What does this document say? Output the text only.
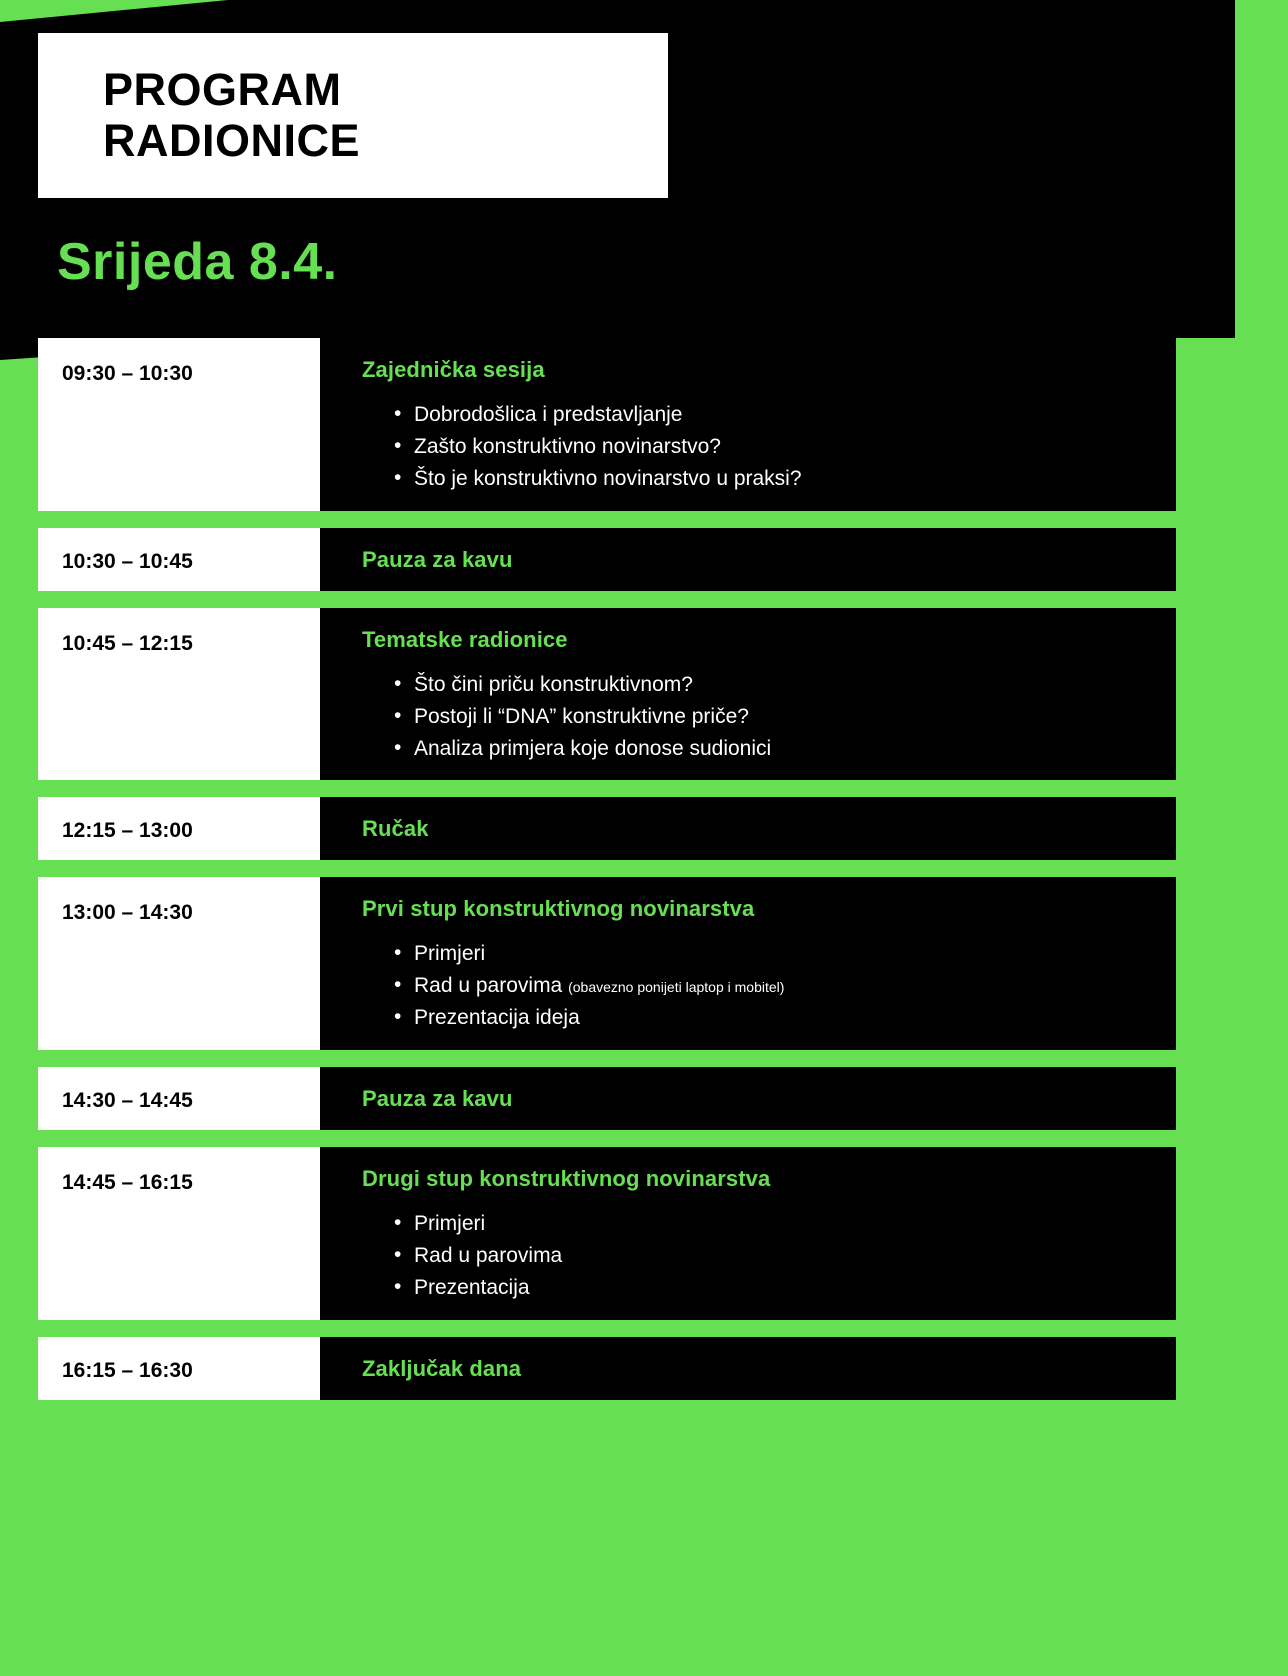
PROGRAM
RADIONICE
Srijeda 8.4.
09:30 – 10:30	Zajednička sesija
• Dobrodošlica i predstavljanje
• Zašto konstruktivno novinarstvo?
• Što je konstruktivno novinarstvo u praksi?
10:30 – 10:45	Pauza za kavu
10:45 – 12:15	Tematske radionice
• Što čini priču konstruktivnom?
• Postoji li “DNA” konstruktivne priče?
• Analiza primjera koje donose sudionici
12:15 – 13:00	Ručak
13:00 – 14:30	Prvi stup konstruktivnog novinarstva
• Primjeri
• Rad u parovima (obavezno ponijeti laptop i mobitel)
• Prezentacija ideja
14:30 – 14:45	Pauza za kavu
14:45 – 16:15	Drugi stup konstruktivnog novinarstva
• Primjeri
• Rad u parovima
• Prezentacija
16:15 – 16:30	Zaključak dana
